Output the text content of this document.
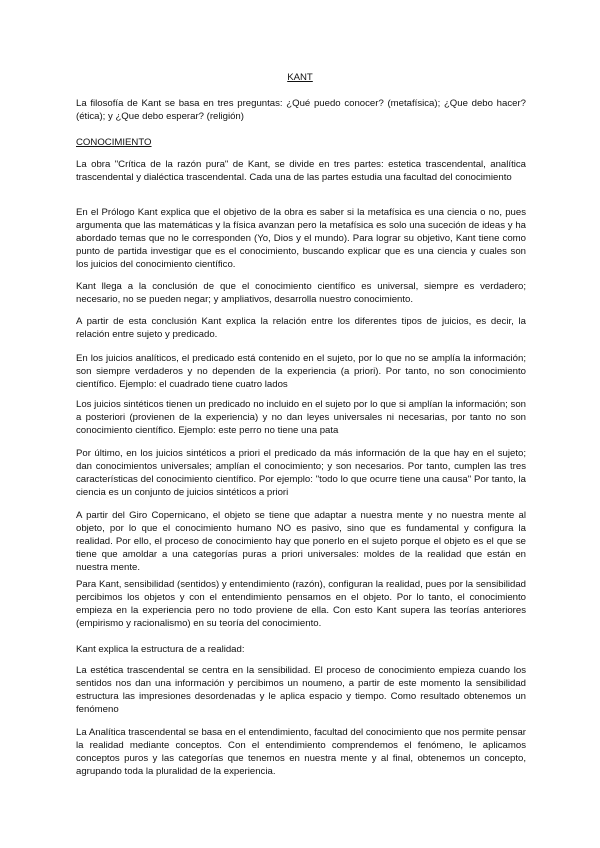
KANT
La filosofía de Kant se basa en tres preguntas: ¿Qué puedo conocer? (metafísica); ¿Que debo hacer? (ética); y ¿Que debo esperar? (religión)
CONOCIMIENTO
La obra "Crítica de la razón pura" de Kant, se divide en tres partes: estetica trascendental, analítica trascendental y dialéctica trascendental. Cada una de las partes estudia una facultad del conocimiento
En el Prólogo Kant explica que el objetivo de la obra es saber si la metafísica es una ciencia o no, pues argumenta que las matemáticas y la física avanzan pero la metafísica es solo una suceción de ideas y ha abordado temas que no le corresponden (Yo, Dios y el mundo). Para lograr su objetivo, Kant tiene como punto de partida investigar que es el conocimiento, buscando explicar que es una ciencia y cuales son los juicios del conocimiento científico.
Kant llega a la conclusión de que el conocimiento científico es universal, siempre es verdadero; necesario, no se pueden negar; y ampliativos, desarrolla nuestro conocimiento.
A partir de esta conclusión Kant explica la relación entre los diferentes tipos de juicios, es decir, la relación entre sujeto y predicado.
En los juicios analíticos, el predicado está contenido en el sujeto, por lo que no se amplía la información; son siempre verdaderos y no dependen de la experiencia (a priori). Por tanto, no son conocimiento científico. Ejemplo: el cuadrado tiene cuatro lados
Los juicios sintéticos tienen un predicado no incluido en el sujeto por lo que si amplían la información; son a posteriori (provienen de la experiencia) y no dan leyes universales ni necesarias, por tanto no son conocimiento científico. Ejemplo: este perro no tiene una pata
Por último, en los juicios sintéticos a priori el predicado da más información de la que hay en el sujeto; dan conocimientos universales; amplían el conocimiento; y son necesarios. Por tanto, cumplen las tres características del conocimiento científico. Por ejemplo: "todo lo que ocurre tiene una causa" Por tanto, la ciencia es un conjunto de juicios sintéticos a priori
A partir del Giro Copernicano, el objeto se tiene que adaptar a nuestra mente y no nuestra mente al objeto, por lo que el conocimiento humano NO es pasivo, sino que es fundamental y configura la realidad. Por ello, el proceso de conocimiento hay que ponerlo en el sujeto porque el objeto es el que se tiene que amoldar a una categorías puras a priori universales: moldes de la realidad que están en nuestra mente.
Para Kant, sensibilidad (sentidos) y entendimiento (razón), configuran la realidad, pues por la sensibilidad percibimos los objetos y con el entendimiento pensamos en el objeto. Por lo tanto, el conocimiento empieza en la experiencia pero no todo proviene de ella. Con esto Kant supera las teorías anteriores (empirismo y racionalismo) en su teoría del conocimiento.
Kant explica la estructura de a realidad:
La estética trascendental se centra en la sensibilidad. El proceso de conocimiento empieza cuando los sentidos nos dan una información y percibimos un noumeno, a partir de este momento la sensibilidad estructura las impresiones desordenadas y le aplica espacio y tiempo. Como resultado obtenemos un fenómeno
La Analítica trascendental se basa en el entendimiento, facultad del conocimiento que nos permite pensar la realidad mediante conceptos. Con el entendimiento comprendemos el fenómeno, le aplicamos conceptos puros y las categorías que tenemos en nuestra mente y al final, obtenemos un concepto, agrupando toda la pluralidad de la experiencia.
